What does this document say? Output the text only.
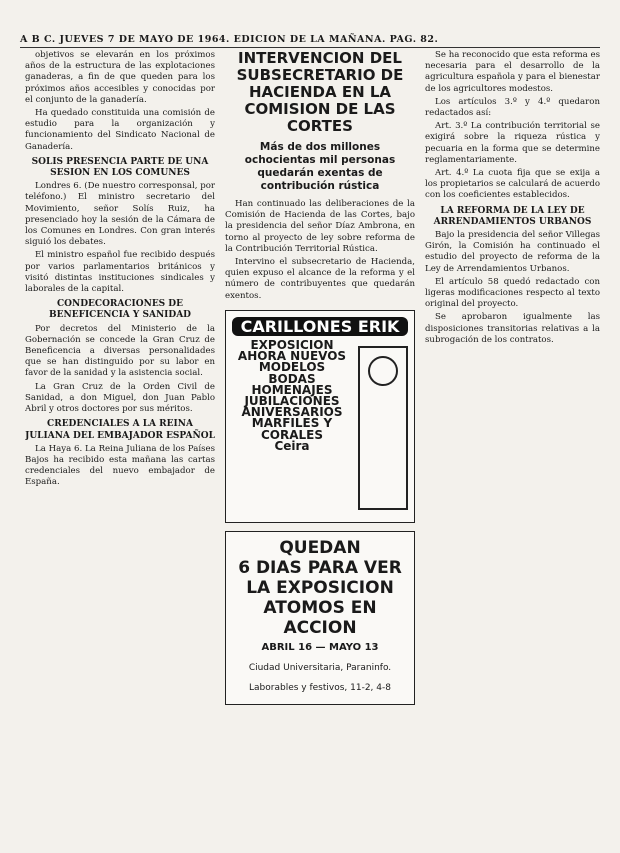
A B C. JUEVES 7 DE MAYO DE 1964. EDICION DE LA MAÑANA. PAG. 82.

objetivos se elevarán en los próximos años de la estructura de las explotaciones ganaderas, a fin de que queden para los próximos años accesibles y conocidas por el conjunto de la ganadería.

Ha quedado constituida una comisión de estudio para la organización y funcionamiento del Sindicato Nacional de Ganadería.

SOLIS PRESENCIA PARTE DE UNA SESION EN LOS COMUNES

Londres 6. (De nuestro corresponsal, por teléfono.) El ministro secretario del Movimiento, señor Solís Ruiz, ha presenciado hoy la sesión de la Cámara de los Comunes en Londres. Con gran interés siguió los debates.

El ministro español fue recibido después por varios parlamentarios británicos y visitó distintas instituciones sindicales y laborales de la capital.

CONDECORACIONES DE BENEFICENCIA Y SANIDAD

Por decretos del Ministerio de la Gobernación se concede la Gran Cruz de Beneficencia a diversas personalidades que se han distinguido por su labor en favor de la sanidad y la asistencia social.

La Gran Cruz de la Orden Civil de Sanidad, a don Miguel, don Juan Pablo Abril y otros doctores por sus méritos.

CREDENCIALES A LA REINA JULIANA DEL EMBAJADOR ESPAÑOL

La Haya 6. La Reina Juliana de los Países Bajos ha recibido esta mañana las cartas credenciales del nuevo embajador de España.

INTERVENCION DEL SUBSECRETARIO DE HACIENDA EN LA COMISION DE LAS CORTES
Más de dos millones ochocientas mil personas quedarán exentas de contribución rústica

Han continuado las deliberaciones de la Comisión de Hacienda de las Cortes, bajo la presidencia del señor Díaz Ambrona, en torno al proyecto de ley sobre reforma de la Contribución Territorial Rústica.

Intervino el subsecretario de Hacienda, quien expuso el alcance de la reforma y el número de contribuyentes que quedarán exentos.

CARILLONES ERIK
EXPOSICION
AHORA NUEVOS MODELOS
BODAS
HOMENAJES
JUBILACIONES
ANIVERSARIOS
MARFILES Y CORALES
Ceira
QUEDAN
6 DIAS PARA VER
LA EXPOSICION ATOMOS EN ACCION
ABRIL 16 — MAYO 13
Ciudad Universitaria, Paraninfo.
Laborables y festivos, 11-2, 4-8

Se ha reconocido que esta reforma es necesaria para el desarrollo de la agricultura española y para el bienestar de los agricultores modestos.

Los artículos 3.º y 4.º quedaron redactados así:

Art. 3.º La contribución territorial se exigirá sobre la riqueza rústica y pecuaria en la forma que se determine reglamentariamente.

Art. 4.º La cuota fija que se exija a los propietarios se calculará de acuerdo con los coeficientes establecidos.

LA REFORMA DE LA LEY DE ARRENDAMIENTOS URBANOS

Bajo la presidencia del señor Villegas Girón, la Comisión ha continuado el estudio del proyecto de reforma de la Ley de Arrendamientos Urbanos.

El artículo 58 quedó redactado con ligeras modificaciones respecto al texto original del proyecto.

Se aprobaron igualmente las disposiciones transitorias relativas a la subrogación de los contratos.
